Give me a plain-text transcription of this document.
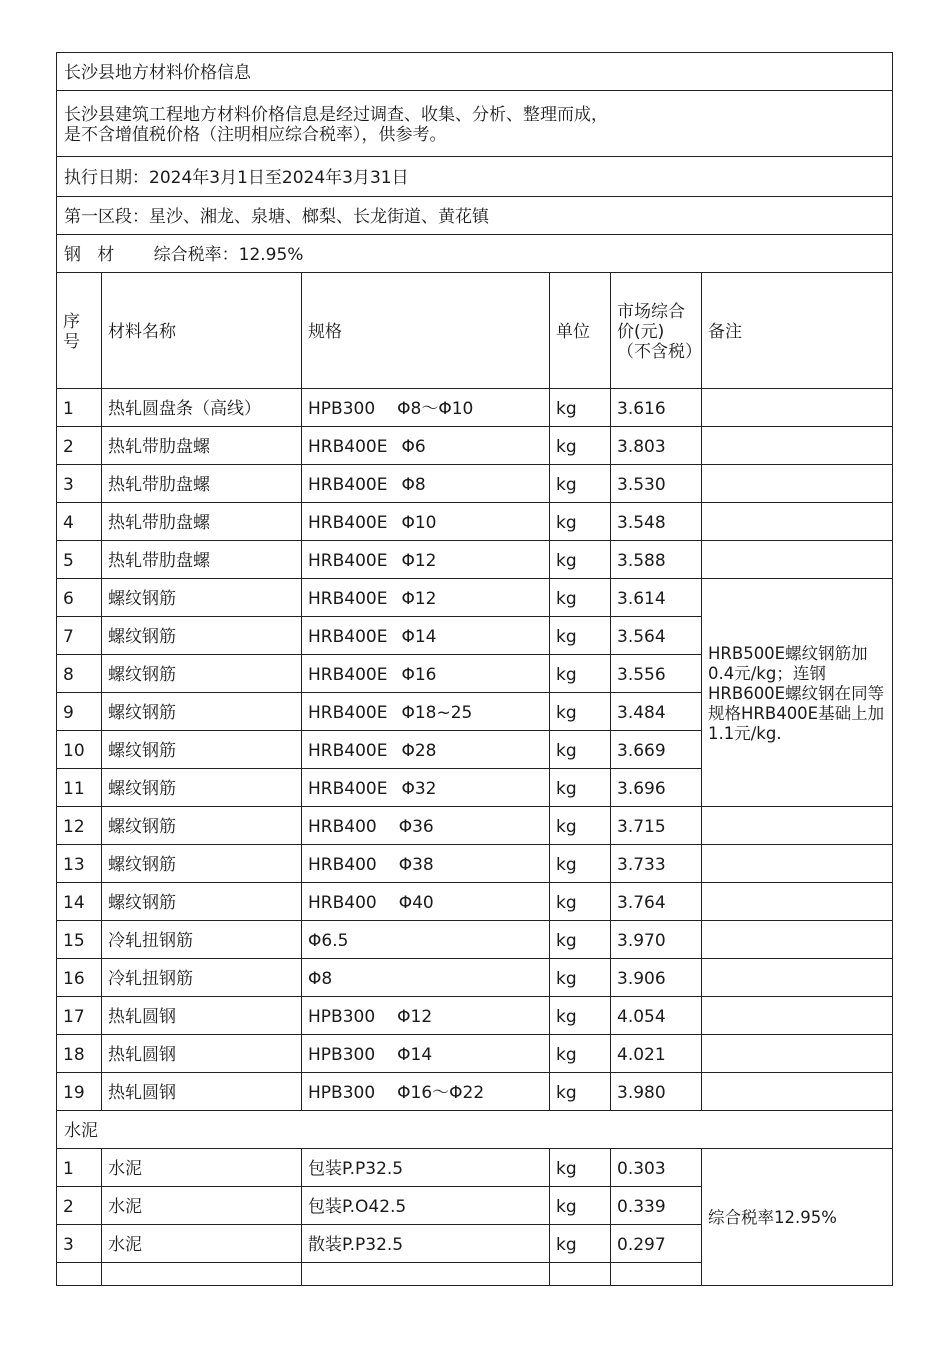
长沙县地方材料价格信息					

长沙县建筑工程地方材料价格信息是经过调查、收集、分析、整理而成，
是不含增值税价格（注明相应综合税率），供参考。					

执行日期：2024年3月1日至2024年3月31日					
第一区段：星沙、湘龙、泉塘、榔梨、长龙街道、黄花镇					
钢   材 综合税率：12.95%					
序号	材料名称	规格	单位	市场综合价(元)（不含税）	备注
1	热轧圆盘条（高线）	HPB300 Φ8～Φ10	kg	3.616	
2	热轧带肋盘螺	HRB400E Φ6	kg	3.803	
3	热轧带肋盘螺	HRB400E Φ8	kg	3.530	
4	热轧带肋盘螺	HRB400E Φ10	kg	3.548	
5	热轧带肋盘螺	HRB400E Φ12	kg	3.588	
6	螺纹钢筋	HRB400E Φ12	kg	3.614	HRB500E螺纹钢筋加0.4元/kg；连钢HRB600E螺纹钢在同等规格HRB400E基础上加1.1元/kg.
7	螺纹钢筋	HRB400E Φ14	kg	3.564	
8	螺纹钢筋	HRB400E Φ16	kg	3.556	
9	螺纹钢筋	HRB400E Φ18~25	kg	3.484	
10	螺纹钢筋	HRB400E Φ28	kg	3.669	
11	螺纹钢筋	HRB400E Φ32	kg	3.696	
12	螺纹钢筋	HRB400 Φ36	kg	3.715	
13	螺纹钢筋	HRB400 Φ38	kg	3.733	
14	螺纹钢筋	HRB400 Φ40	kg	3.764	
15	冷轧扭钢筋	Φ6.5	kg	3.970	
16	冷轧扭钢筋	Φ8	kg	3.906	
17	热轧圆钢	HPB300 Φ12	kg	4.054	
18	热轧圆钢	HPB300 Φ14	kg	4.021	
19	热轧圆钢	HPB300 Φ16～Φ22	kg	3.980	
水泥					
1	水泥	包装P.P32.5	kg	0.303	综合税率12.95%
2	水泥	包装P.O42.5	kg	0.339	
3	水泥	散装P.P32.5	kg	0.297	
